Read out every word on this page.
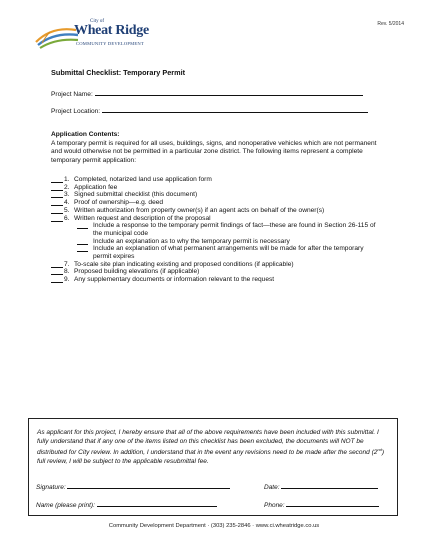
Rev. 5/2014
City of
Wheat Ridge
COMMUNITY DEVELOPMENT
Submittal Checklist: Temporary Permit
Project Name:
Project Location:
Application Contents:
A temporary permit is required for all uses, buildings, signs, and nonoperative vehicles which are not permanent and would otherwise not be permitted in a particular zone district. The following items represent a complete temporary permit application:
1. Completed, notarized land use application form
2. Application fee
3. Signed submittal checklist (this document)
4. Proof of ownership—e.g. deed
5. Written authorization from property owner(s) if an agent acts on behalf of the owner(s)
6. Written request and description of the proposal
Include a response to the temporary permit findings of fact—these are found in Section 26-115 of the municipal code
Include an explanation as to why the temporary permit is necessary
Include an explanation of what permanent arrangements will be made for after the temporary permit expires
7. To-scale site plan indicating existing and proposed conditions (if applicable)
8. Proposed building elevations (if applicable)
9. Any supplementary documents or information relevant to the request

As applicant for this project, I hereby ensure that all of the above requirements have been included with this submittal. I fully understand that if any one of the items listed on this checklist has been excluded, the documents will NOT be distributed for City review. In addition, I understand that in the event any revisions need to be made after the second (2nd) full review, I will be subject to the applicable resubmittal fee.

Signature:	Date:
Name (please print):	Phone:
Community Development Department · (303) 235-2846 · www.ci.wheatridge.co.us
